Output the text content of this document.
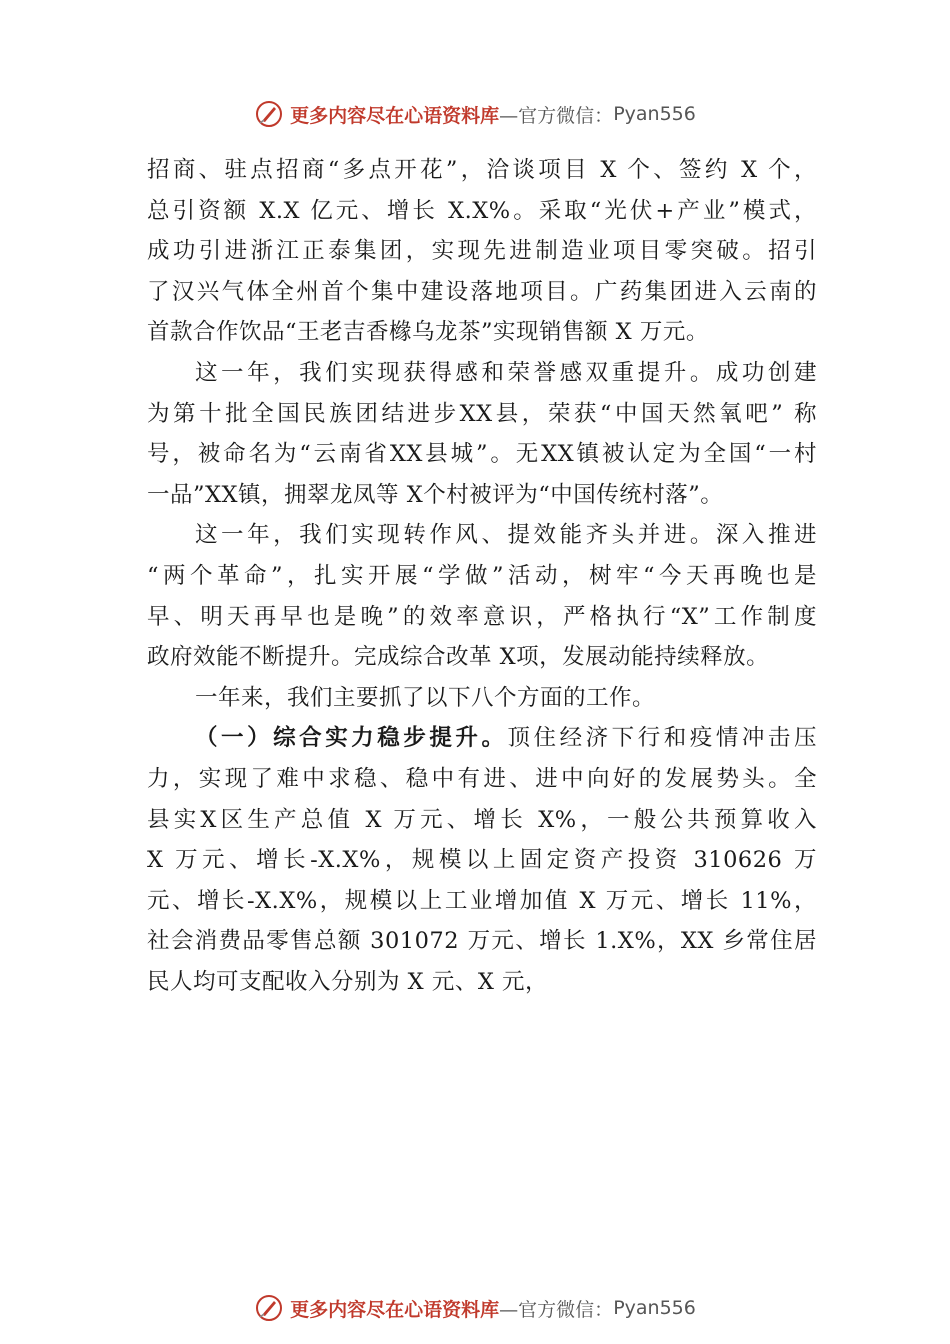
更多内容尽在心语资料库 —官方微信： Pyan556
招商、驻点招商“多点开花”，洽谈项目 X 个、签约 X 个，
总引资额 X.X 亿元、增长 X.X%。采取“光伏+产业”模式，
成功引进浙江正泰集团，实现先进制造业项目零突破。招引
了汉兴气体全州首个集中建设落地项目。广药集团进入云南的
首款合作饮品“王老吉香橼乌龙茶”实现销售额 X 万元。
这一年，我们实现获得感和荣誉感双重提升。成功创建
为第十批全国民族团结进步XX县，荣获“中国天然氧吧” 称
号，被命名为“云南省XX县城”。无XX镇被认定为全国“一村
一品”XX镇，拥翠龙凤等 X个村被评为“中国传统村落”。
这一年，我们实现转作风、提效能齐头并进。深入推进
“两个革命”，扎实开展“学做”活动，树牢“今天再晚也是
早、明天再早也是晚”的效率意识，严格执行“X”工作制度
政府效能不断提升。完成综合改革 X项，发展动能持续释放。
一年来，我们主要抓了以下八个方面的工作。
（一）综合实力稳步提升。顶住经济下行和疫情冲击压
力，实现了难中求稳、稳中有进、进中向好的发展势头。全
县实X区生产总值 X 万元、增长 X%，一般公共预算收入
X 万元、增长-X.X%，规模以上固定资产投资 310626 万
元、增长-X.X%，规模以上工业增加值 X 万元、增长 11%，
社会消费品零售总额 301072 万元、增长 1.X%，XX 乡常住居
民人均可支配收入分别为 X 元、X 元，
更多内容尽在心语资料库 —官方微信： Pyan556
